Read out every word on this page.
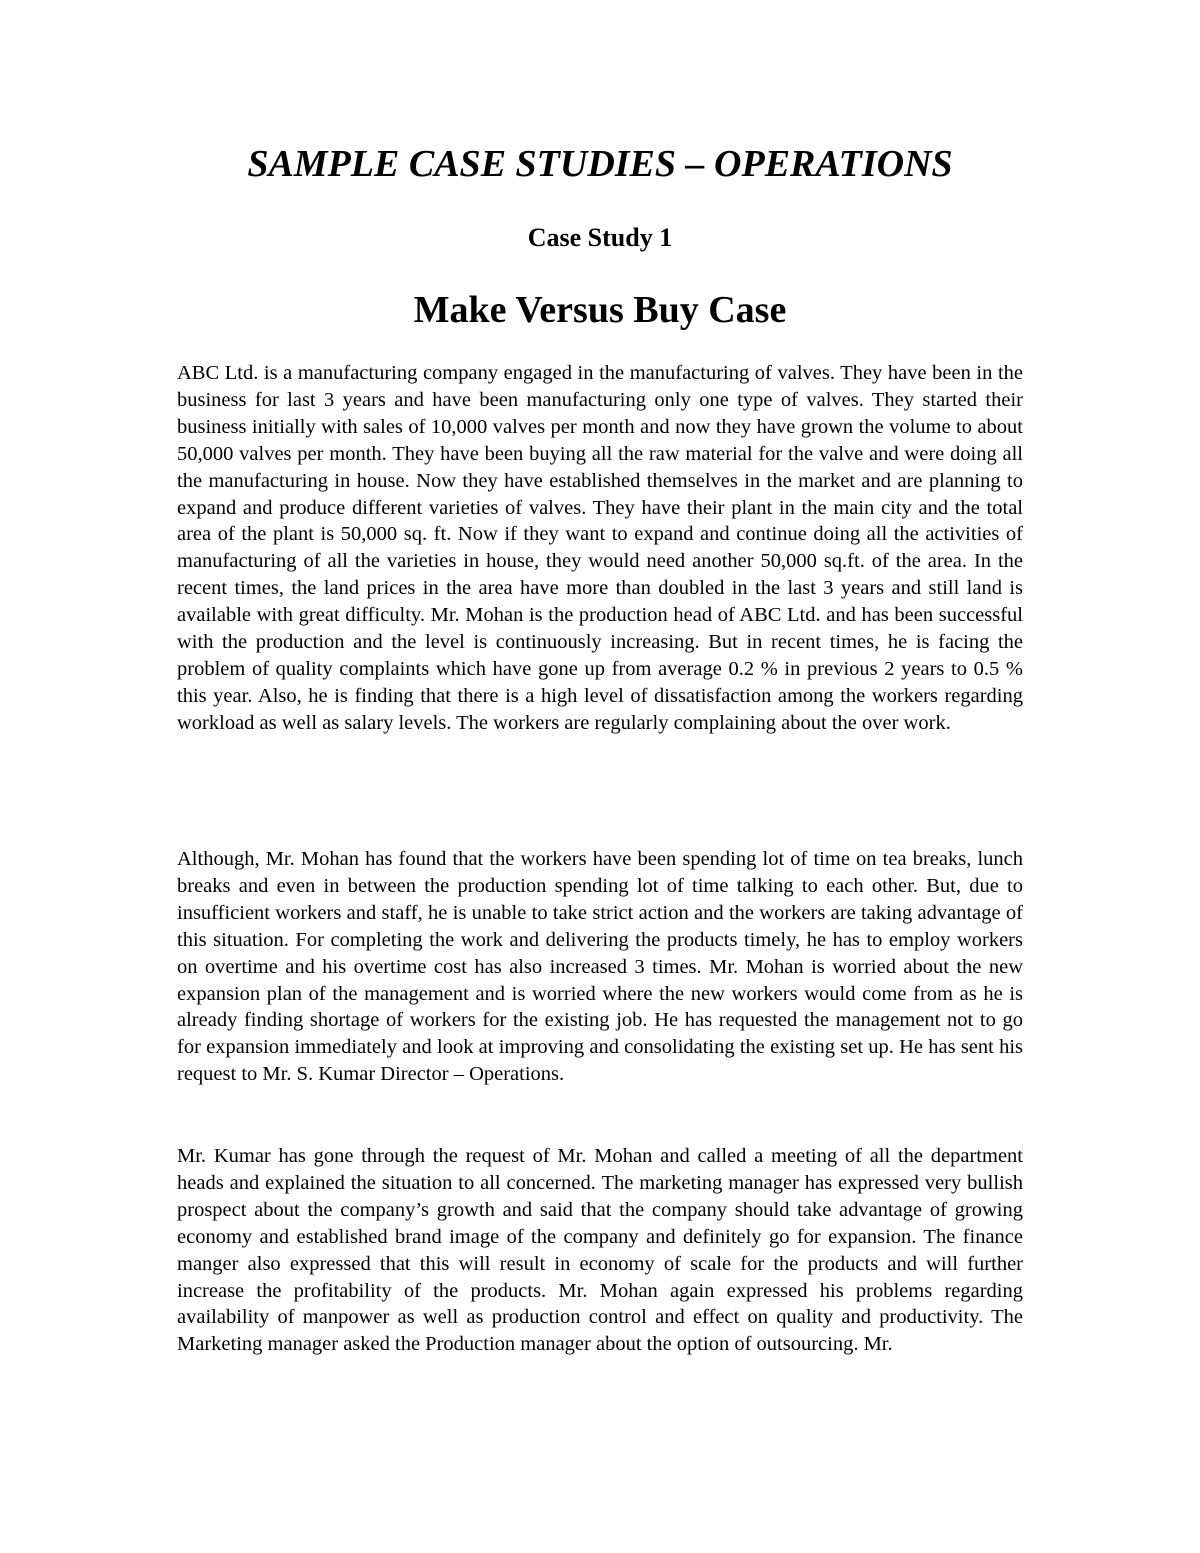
SAMPLE CASE STUDIES – OPERATIONS
Case Study 1
Make Versus Buy Case

ABC Ltd. is a manufacturing company engaged in the manufacturing of valves. They have been in the business for last 3 years and have been manufacturing only one type of valves. They started their business initially with sales of 10,000 valves per month and now they have grown the volume to about 50,000 valves per month. They have been buying all the raw material for the valve and were doing all the manufacturing in house. Now they have established themselves in the market and are planning to expand and produce different varieties of valves. They have their plant in the main city and the total area of the plant is 50,000 sq. ft. Now if they want to expand and continue doing all the activities of manufacturing of all the varieties in house, they would need another 50,000 sq.ft. of the area. In the recent times, the land prices in the area have more than doubled in the last 3 years and still land is available with great difficulty. Mr. Mohan is the production head of ABC Ltd. and has been successful with the production and the level is continuously increasing. But in recent times, he is facing the problem of quality complaints which have gone up from average 0.2 % in previous 2 years to 0.5 % this year. Also, he is finding that there is a high level of dissatisfaction among the workers regarding workload as well as salary levels. The workers are regularly complaining about the over work.

Although, Mr. Mohan has found that the workers have been spending lot of time on tea breaks, lunch breaks and even in between the production spending lot of time talking to each other. But, due to insufficient workers and staff, he is unable to take strict action and the workers are taking advantage of this situation. For completing the work and delivering the products timely, he has to employ workers on overtime and his overtime cost has also increased 3 times. Mr. Mohan is worried about the new expansion plan of the management and is worried where the new workers would come from as he is already finding shortage of workers for the existing job. He has requested the management not to go for expansion immediately and look at improving and consolidating the existing set up. He has sent his request to Mr. S. Kumar Director – Operations.

Mr. Kumar has gone through the request of Mr. Mohan and called a meeting of all the department heads and explained the situation to all concerned. The marketing manager has expressed very bullish prospect about the company’s growth and said that the company should take advantage of growing economy and established brand image of the company and definitely go for expansion. The finance manger also expressed that this will result in economy of scale for the products and will further increase the profitability of the products. Mr. Mohan again expressed his problems regarding availability of manpower as well as production control and effect on quality and productivity. The Marketing manager asked the Production manager about the option of outsourcing. Mr.
